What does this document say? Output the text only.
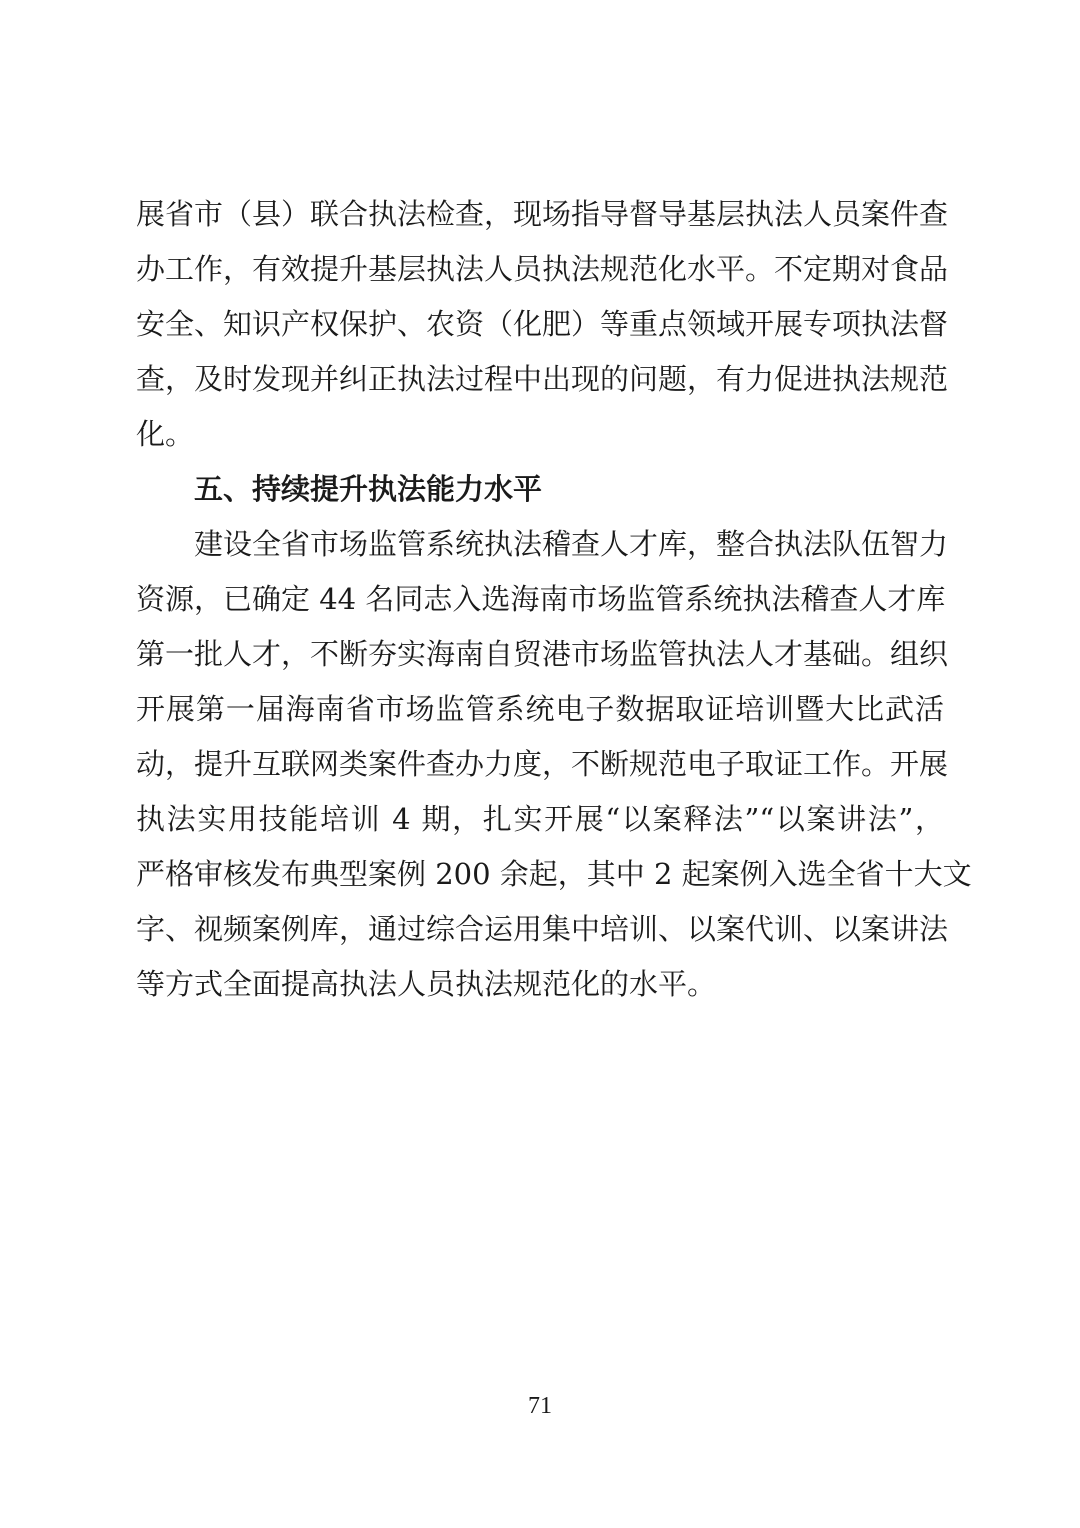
展省市（县）联合执法检查，现场指导督导基层执法人员案件查

办工作，有效提升基层执法人员执法规范化水平。不定期对食品

安全、知识产权保护、农资（化肥）等重点领域开展专项执法督

查，及时发现并纠正执法过程中出现的问题，有力促进执法规范

化。

五、持续提升执法能力水平

建设全省市场监管系统执法稽查人才库，整合执法队伍智力

资源，已确定 44 名同志入选海南市场监管系统执法稽查人才库

第一批人才，不断夯实海南自贸港市场监管执法人才基础。组织

开展第一届海南省市场监管系统电子数据取证培训暨大比武活

动，提升互联网类案件查办力度，不断规范电子取证工作。开展

执法实用技能培训 4 期，扎实开展“以案释法”“以案讲法”，

严格审核发布典型案例 200 余起，其中 2 起案例入选全省十大文

字、视频案例库，通过综合运用集中培训、以案代训、以案讲法

等方式全面提高执法人员执法规范化的水平。

71
